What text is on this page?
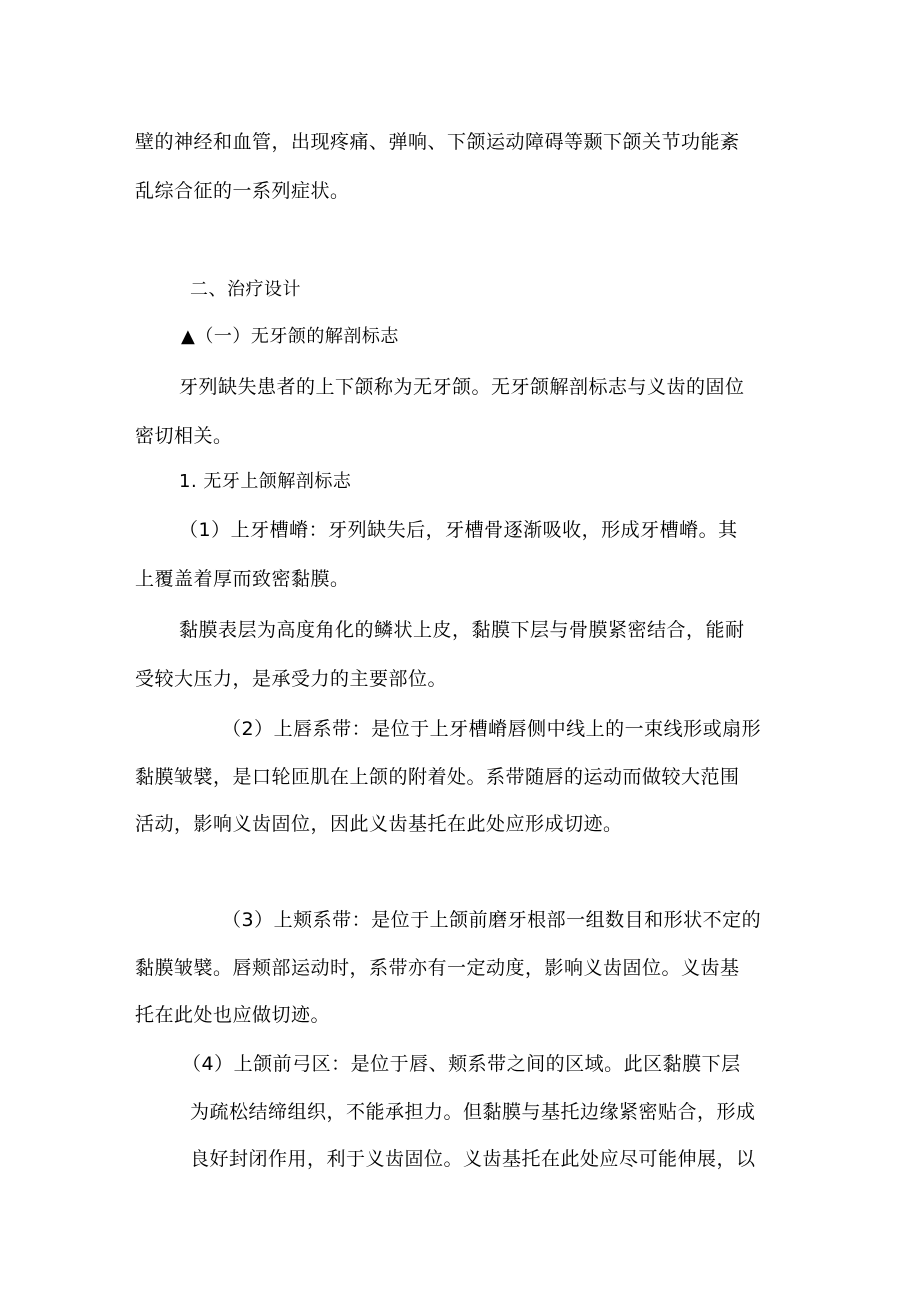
壁的神经和血管，出现疼痛、弹响、下颌运动障碍等颞下颌关节功能紊
乱综合征的一系列症状。
二、治疗设计
▲（一）无牙颌的解剖标志
牙列缺失患者的上下颌称为无牙颌。无牙颌解剖标志与义齿的固位
密切相关。
1. 无牙上颌解剖标志
（1）上牙槽嵴：牙列缺失后，牙槽骨逐渐吸收，形成牙槽嵴。其
上覆盖着厚而致密黏膜。
黏膜表层为高度角化的鳞状上皮，黏膜下层与骨膜紧密结合，能耐
受较大压力，是承受力的主要部位。
（2）上唇系带：是位于上牙槽嵴唇侧中线上的一束线形或扇形
黏膜皱襞，是口轮匝肌在上颌的附着处。系带随唇的运动而做较大范围
活动，影响义齿固位，因此义齿基托在此处应形成切迹。
（3）上颊系带：是位于上颌前磨牙根部一组数目和形状不定的
黏膜皱襞。唇颊部运动时，系带亦有一定动度，影响义齿固位。义齿基
托在此处也应做切迹。
（4）上颌前弓区：是位于唇、颊系带之间的区域。此区黏膜下层
为疏松结缔组织，不能承担力。但黏膜与基托边缘紧密贴合，形成
良好封闭作用，利于义齿固位。义齿基托在此处应尽可能伸展，以
